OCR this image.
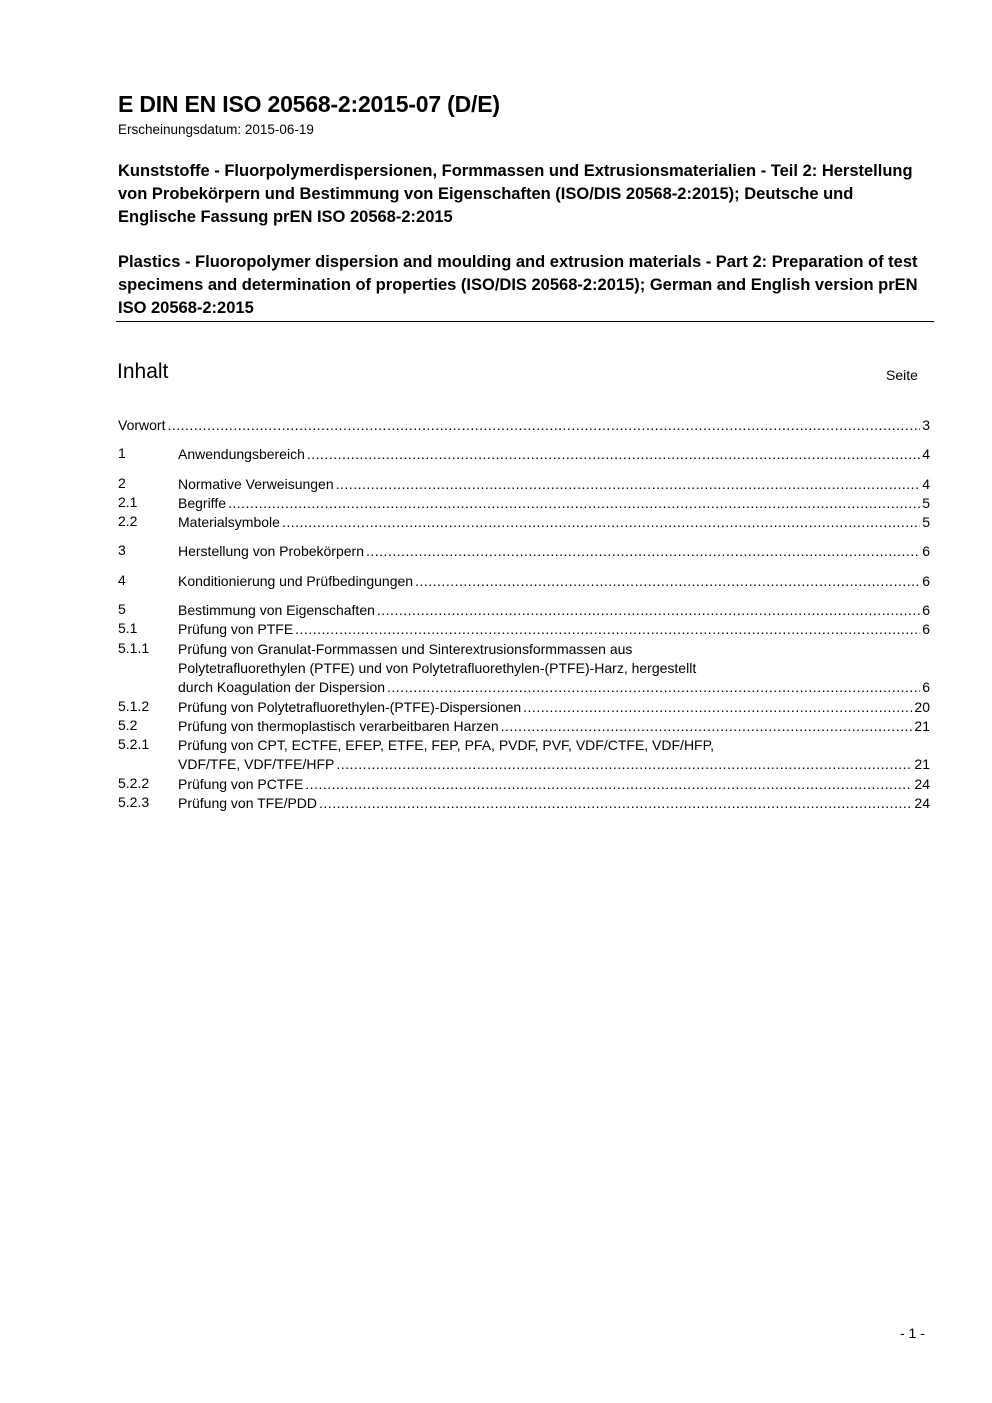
E DIN EN ISO 20568-2:2015-07 (D/E)
Erscheinungsdatum: 2015-06-19
Kunststoffe - Fluorpolymerdispersionen, Formmassen und Extrusionsmaterialien - Teil 2: Herstellung von Probekörpern und Bestimmung von Eigenschaften (ISO/DIS 20568-2:2015); Deutsche und Englische Fassung prEN ISO 20568-2:2015
Plastics - Fluoropolymer dispersion and moulding and extrusion materials - Part 2: Preparation of test specimens and determination of properties (ISO/DIS 20568-2:2015); German and English version prEN ISO 20568-2:2015
Inhalt	Seite
Vorwort .....	3
1	Anwendungsbereich .....	4
2	Normative Verweisungen .....	4
2.1	Begriffe .....	5
2.2	Materialsymbole .....	5
3	Herstellung von Probekörpern .....	6
4	Konditionierung und Prüfbedingungen .....	6
5	Bestimmung von Eigenschaften .....	6
5.1	Prüfung von PTFE .....	6
5.1.1 Prüfung von Granulat-Formmassen und Sinterextrusionsformmassen aus
Polytetrafluorethylen (PTFE) und von Polytetrafluorethylen-(PTFE)-Harz, hergestellt
durch Koagulation der Dispersion .....	6
5.1.2 Prüfung von Polytetrafluorethylen-(PTFE)-Dispersionen .....	20
5.2	Prüfung von thermoplastisch verarbeitbaren Harzen .....	21
5.2.1 Prüfung von CPT, ECTFE, EFEP, ETFE, FEP, PFA, PVDF, PVF, VDF/CTFE, VDF/HFP,
VDF/TFE, VDF/TFE/HFP .....	21
5.2.2 Prüfung von PCTFE .....	24
5.2.3 Prüfung von TFE/PDD .....	24
- 1 -
